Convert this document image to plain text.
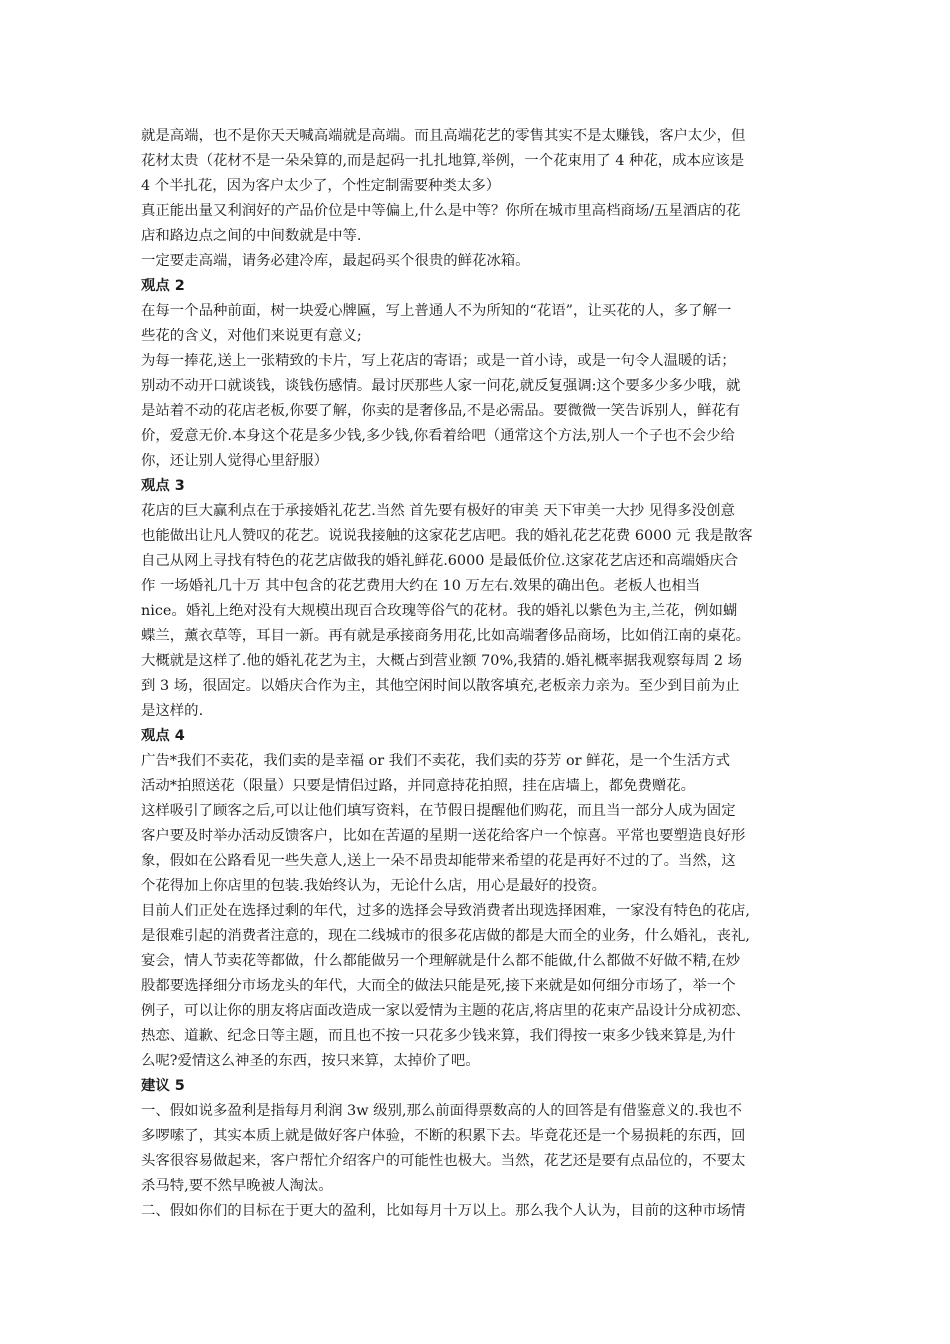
就是高端，也不是你天天喊高端就是高端。而且高端花艺的零售其实不是太赚钱，客户太少，但
花材太贵（花材不是一朵朵算的,而是起码一扎扎地算,举例，一个花束用了 4 种花，成本应该是
4 个半扎花，因为客户太少了，个性定制需要种类太多）
真正能出量又利润好的产品价位是中等偏上,什么是中等？你所在城市里高档商场/五星酒店的花
店和路边点之间的中间数就是中等.
一定要走高端，请务必建冷库，最起码买个很贵的鲜花冰箱。
观点 2
在每一个品种前面，树一块爱心牌匾，写上普通人不为所知的“花语”，让买花的人，多了解一
些花的含义，对他们来说更有意义;
为每一捧花,送上一张精致的卡片，写上花店的寄语；或是一首小诗，或是一句令人温暖的话；
别动不动开口就谈钱，谈钱伤感情。最讨厌那些人家一问花,就反复强调:这个要多少多少哦，就
是站着不动的花店老板,你要了解，你卖的是奢侈品,不是必需品。要微微一笑告诉别人，鲜花有
价，爱意无价.本身这个花是多少钱,多少钱,你看着给吧（通常这个方法,别人一个子也不会少给
你，还让别人觉得心里舒服）
观点 3
花店的巨大赢利点在于承接婚礼花艺.当然 首先要有极好的审美 天下审美一大抄 见得多没创意
也能做出让凡人赞叹的花艺。说说我接触的这家花艺店吧。我的婚礼花艺花费 6000 元 我是散客
自己从网上寻找有特色的花艺店做我的婚礼鲜花.6000 是最低价位.这家花艺店还和高端婚庆合
作 一场婚礼几十万 其中包含的花艺费用大约在 10 万左右.效果的确出色。老板人也相当
nice。婚礼上绝对没有大规模出现百合玫瑰等俗气的花材。我的婚礼以紫色为主,兰花，例如蝴
蝶兰，薰衣草等，耳目一新。再有就是承接商务用花,比如高端奢侈品商场，比如俏江南的桌花。
大概就是这样了.他的婚礼花艺为主，大概占到营业额 70%,我猜的.婚礼概率据我观察每周 2 场
到 3 场，很固定。以婚庆合作为主，其他空闲时间以散客填充,老板亲力亲为。至少到目前为止
是这样的.
观点 4
广告*我们不卖花，我们卖的是幸福 or 我们不卖花，我们卖的芬芳 or 鲜花，是一个生活方式
活动*拍照送花（限量）只要是情侣过路，并同意持花拍照，挂在店墙上，都免费赠花。
这样吸引了顾客之后,可以让他们填写资料，在节假日提醒他们购花，而且当一部分人成为固定
客户要及时举办活动反馈客户，比如在苦逼的星期一送花给客户一个惊喜。平常也要塑造良好形
象，假如在公路看见一些失意人,送上一朵不昂贵却能带来希望的花是再好不过的了。当然，这
个花得加上你店里的包装.我始终认为，无论什么店，用心是最好的投资。
目前人们正处在选择过剩的年代，过多的选择会导致消费者出现选择困难，一家没有特色的花店,
是很难引起的消费者注意的，现在二线城市的很多花店做的都是大而全的业务，什么婚礼，丧礼,
宴会，情人节卖花等都做，什么都能做另一个理解就是什么都不能做,什么都做不好做不精,在炒
股都要选择细分市场龙头的年代，大而全的做法只能是死,接下来就是如何细分市场了，举一个
例子，可以让你的朋友将店面改造成一家以爱情为主题的花店,将店里的花束产品设计分成初恋、
热恋、道歉、纪念日等主题，而且也不按一只花多少钱来算，我们得按一束多少钱来算是,为什
么呢?爱情这么神圣的东西，按只来算，太掉价了吧。
建议 5
一、假如说多盈利是指每月利润 3w 级别,那么前面得票数高的人的回答是有借鉴意义的.我也不
多啰嗦了，其实本质上就是做好客户体验，不断的积累下去。毕竟花还是一个易损耗的东西，回
头客很容易做起来，客户帮忙介绍客户的可能性也极大。当然，花艺还是要有点品位的，不要太
杀马特,要不然早晚被人淘汰。
二、假如你们的目标在于更大的盈利，比如每月十万以上。那么我个人认为，目前的这种市场情
